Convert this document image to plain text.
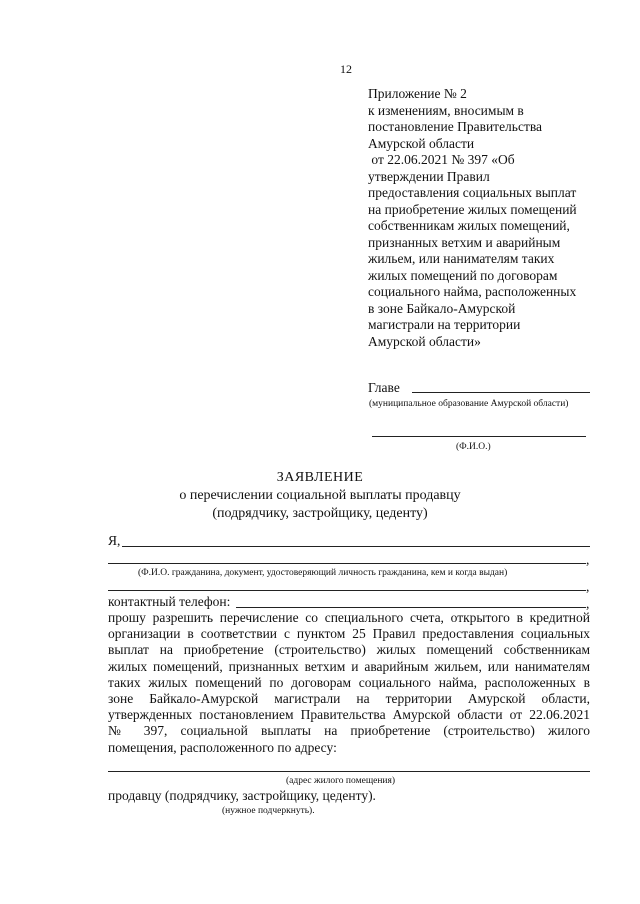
12
Приложение № 2
к изменениям, вносимым в
постановление Правительства
Амурской области
от 22.06.2021 № 397 «Об
утверждении Правил
предоставления социальных выплат
на приобретение жилых помещений
собственникам жилых помещений,
признанных ветхим и аварийным
жильем, или нанимателям таких
жилых помещений по договорам
социального найма, расположенных
в зоне Байкало-Амурской
магистрали на территории
Амурской области»
Главе
(муниципальное образование Амурской области)
(Ф.И.О.)
ЗАЯВЛЕНИЕ
о перечислении социальной выплаты продавцу
(подрядчику, застройщику, цеденту)
Я,
,
(Ф.И.О. гражданина, документ, удостоверяющий личность гражданина, кем и когда выдан)
,
контактный телефон:	,
прошу разрешить перечисление со специального счета, открытого в кредитной
организации в соответствии с пунктом 25 Правил предоставления социальных
выплат на приобретение (строительство) жилых помещений собственникам
жилых помещений, признанных ветхим и аварийным жильем, или нанимателям
таких жилых помещений по договорам социального найма, расположенных в
зоне Байкало-Амурской магистрали на территории Амурской области,
утвержденных постановлением Правительства Амурской области от 22.06.2021
№ 397, социальной выплаты на приобретение (строительство) жилого
помещения, расположенного по адресу:
(адрес жилого помещения)
продавцу (подрядчику, застройщику, цеденту).
(нужное подчеркнуть).
